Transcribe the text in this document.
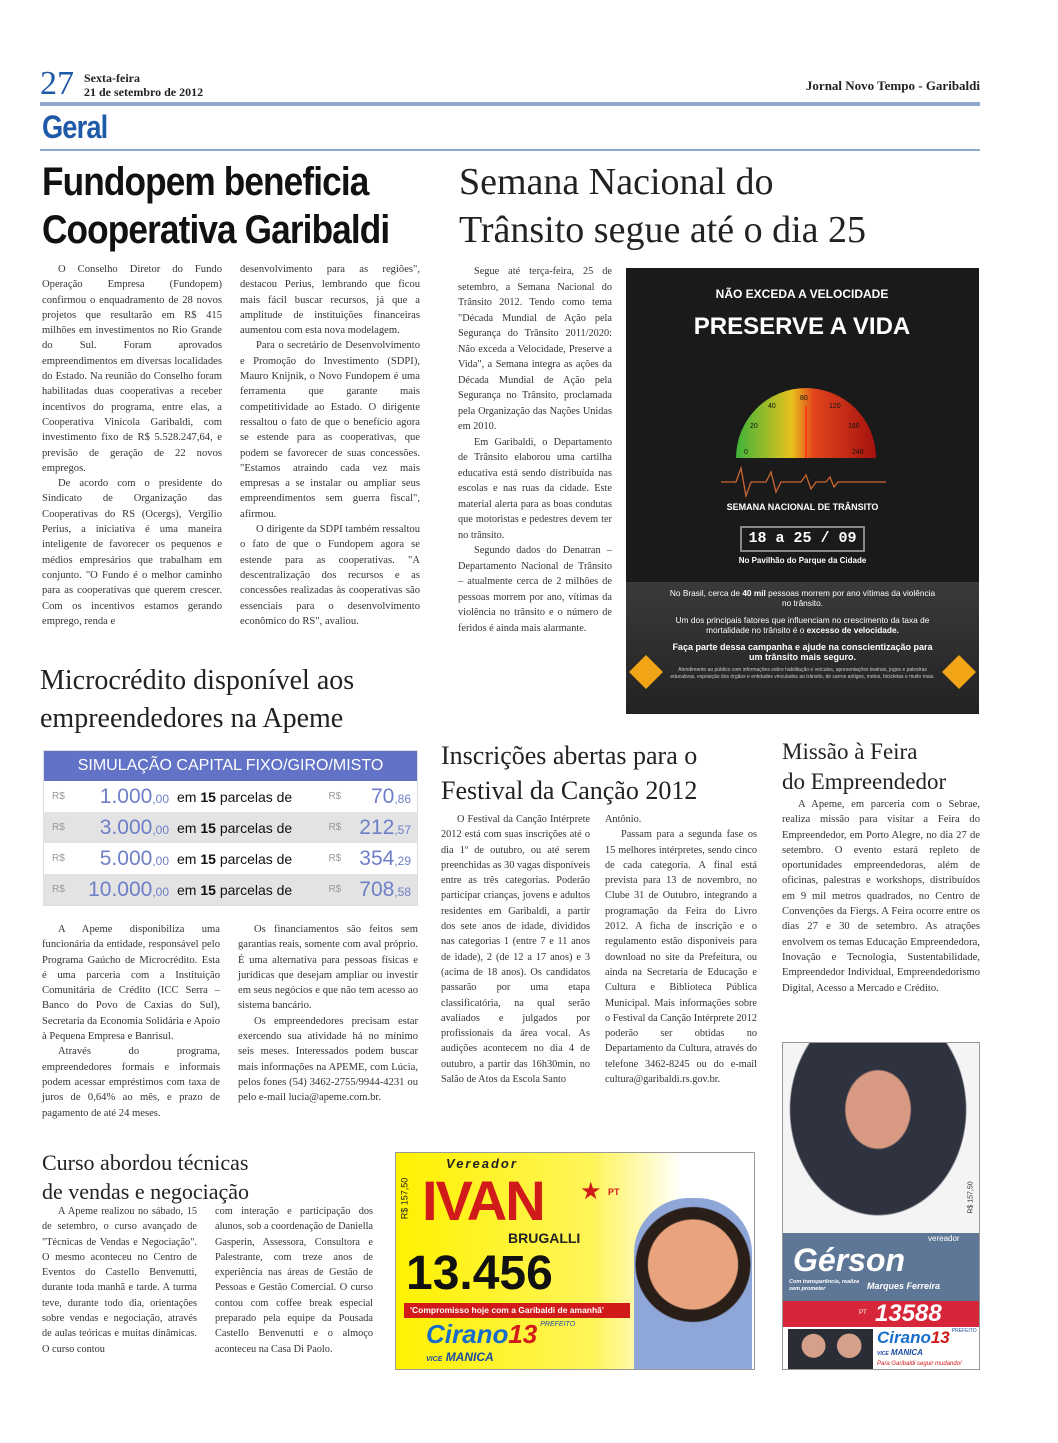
27 Sexta-feira
21 de setembro de 2012	Jornal Novo Tempo - Garibaldi
Geral
Fundopem beneficia
Cooperativa Garibaldi

O Conselho Diretor do Fundo Operação Empresa (Fundopem) confirmou o enquadramento de 28 novos projetos que resultarão em R$ 415 milhões em investimentos no Rio Grande do Sul. Foram aprovados empreendimentos em diversas localidades do Estado. Na reunião do Conselho foram habilitadas duas cooperativas a receber incentivos do programa, entre elas, a Cooperativa Vinícola Garibaldi, com investimento fixo de R$ 5.528.247,64, e previsão de geração de 22 novos empregos.

De acordo com o presidente do Sindicato de Organização das Cooperativas do RS (Ocergs), Vergilio Perius, a iniciativa é uma maneira inteligente de favorecer os pequenos e médios empresários que trabalham em conjunto. "O Fundo é o melhor caminho para as cooperativas que querem crescer. Com os incentivos estamos gerando emprego, renda e

desenvolvimento para as regiões", destacou Perius, lembrando que ficou mais fácil buscar recursos, já que a amplitude de instituições financeiras aumentou com esta nova modelagem.

Para o secretário de Desenvolvimento e Promoção do Investimento (SDPI), Mauro Knijnik, o Novo Fundopem é uma ferramenta que garante mais competitividade ao Estado. O dirigente ressaltou o fato de que o benefício agora se estende para as cooperativas, que podem se favorecer de suas concessões. "Estamos atraindo cada vez mais empresas a se instalar ou ampliar seus empreendimentos sem guerra fiscal", afirmou.

O dirigente da SDPI também ressaltou o fato de que o Fundopem agora se estende para as cooperativas. "A descentralização dos recursos e as concessões realizadas às cooperativas são essenciais para o desenvolvimento econômico do RS", avaliou.

Semana Nacional do
Trânsito segue até o dia 25

Segue até terça-feira, 25 de setembro, a Semana Nacional do Trânsito 2012. Tendo como tema "Década Mundial de Ação pela Segurança do Trânsito 2011/2020: Não exceda a Velocidade, Preserve a Vida", a Semana integra as ações da Década Mundial de Ação pela Segurança no Trânsito, proclamada pela Organização das Nações Unidas em 2010.

Em Garibaldi, o Departamento de Trânsito elaborou uma cartilha educativa está sendo distribuída nas escolas e nas ruas da cidade. Este material alerta para as boas condutas que motoristas e pedestres devem ter no trânsito.

Segundo dados do Denatran – Departamento Nacional de Trânsito – atualmente cerca de 2 milhões de pessoas morrem por ano, vítimas da violência no trânsito e o número de feridos é ainda mais alarmante.

NÃO EXCEDA A VELOCIDADE
PRESERVE A VIDA
0
20
40
80
120
160
240
SEMANA NACIONAL DE TRÂNSITO
18 a 25 / 09
No Pavilhão do Parque da Cidade
No Brasil, cerca de 40 mil pessoas morrem por ano vítimas da violência no trânsito.
Um dos principais fatores que influenciam no crescimento da taxa de mortalidade no trânsito é o excesso de velocidade.
Faça parte dessa campanha e ajude na conscientização para um trânsito mais seguro.
Atendimento ao público com informações sobre habilitação e veículos, apresentações teatrais, jogos e palestras educativas, exposição dos órgãos e entidades vinculados ao trânsito, de carros antigos, motos, bicicletas e muito mais.
Microcrédito disponível aos
empreendedores na Apeme
SIMULAÇÃO CAPITAL FIXO/GIRO/MISTO
R$	1.000,00	em 15 parcelas de	R$	70,86
R$	3.000,00	em 15 parcelas de	R$	212,57
R$	5.000,00	em 15 parcelas de	R$	354,29
R$	10.000,00	em 15 parcelas de	R$	708,58

A Apeme disponibiliza uma funcionária da entidade, responsável pelo Programa Gaúcho de Microcrédito. Esta é uma parceria com a Instituição Comunitária de Crédito (ICC Serra – Banco do Povo de Caxias do Sul), Secretaria da Economia Solidária e Apoio à Pequena Empresa e Banrisul.

Através do programa, empreendedores formais e informais podem acessar empréstimos com taxa de juros de 0,64% ao mês, e prazo de pagamento de até 24 meses.

Os financiamentos são feitos sem garantias reais, somente com aval próprio. É uma alternativa para pessoas físicas e jurídicas que desejam ampliar ou investir em seus negócios e que não tem acesso ao sistema bancário.

Os empreendedores precisam estar exercendo sua atividade há no mínimo seis meses. Interessados podem buscar mais informações na APEME, com Lúcia, pelos fones (54) 3462-2755/9944-4231 ou pelo e-mail lucia@apeme.com.br.

Inscrições abertas para o
Festival da Canção 2012

O Festival da Canção Intérprete 2012 está com suas inscrições até o dia 1º de outubro, ou até serem preenchidas as 30 vagas disponíveis entre as três categorias. Poderão participar crianças, jovens e adultos residentes em Garibaldi, a partir dos sete anos de idade, divididos nas categorias 1 (entre 7 e 11 anos de idade), 2 (de 12 a 17 anos) e 3 (acima de 18 anos). Os candidatos passarão por uma etapa classificatória, na qual serão avaliados e julgados por profissionais da área vocal. As audições acontecem no dia 4 de outubro, a partir das 16h30min, no Salão de Atos da Escola Santo

Antônio.

Passam para a segunda fase os 15 melhores intérpretes, sendo cinco de cada categoria. A final está prevista para 13 de novembro, no Clube 31 de Outubro, integrando a programação da Feira do Livro 2012. A ficha de inscrição e o regulamento estão disponíveis para download no site da Prefeitura, ou ainda na Secretaria de Educação e Cultura e Biblioteca Pública Municipal. Mais informações sobre o Festival da Canção Intérprete 2012 poderão ser obtidas no Departamento da Cultura, através do telefone 3462-8245 ou do e-mail cultura@garibaldi.rs.gov.br.

Missão à Feira
do Empreendedor

A Apeme, em parceria com o Sebrae, realiza missão para visitar a Feira do Empreendedor, em Porto Alegre, no dia 27 de setembro. O evento estará repleto de oportunidades empreendedoras, além de oficinas, palestras e workshops, distribuídos em 9 mil metros quadrados, no Centro de Convenções da Fiergs. A Feira ocorre entre os dias 27 e 30 de setembro. As atrações envolvem os temas Educação Empreendedora, Inovação e Tecnologia, Sustentabilidade, Empreendedor Individual, Empreendedorismo Digital, Acesso a Mercado e Crédito.

Curso abordou técnicas
de vendas e negociação

A Apeme realizou no sábado, 15 de setembro, o curso avançado de "Técnicas de Vendas e Negociação". O mesmo aconteceu no Centro de Eventos do Castello Benvenutti, durante toda manhã e tarde. A turma teve, durante todo dia, orientações sobre vendas e negociação, através de aulas teóricas e muitas dinâmicas. O curso contou

com interação e participação dos alunos, sob a coordenação de Daniella Gasperin, Assessora, Consultora e Palestrante, com treze anos de experiência nas áreas de Gestão de Pessoas e Gestão Comercial. O curso contou com coffee break especial preparado pela equipe da Pousada Castello Benvenutti e o almoço aconteceu na Casa Di Paolo.

R$ 157,50
Vereador
IVAN ★ PT
BRUGALLI
13.456
'Compromisso hoje com a Garibaldi de amanhã'
Cirano13 PREFEITO
VICE MANICA
R$ 157,50
vereador
Gérson
Com transparência, realiza sem prometer	Marques Ferreira
PT 13588
Cirano13 PREFEITO
VICE MANICA
Para Garibaldi seguir mudando!
